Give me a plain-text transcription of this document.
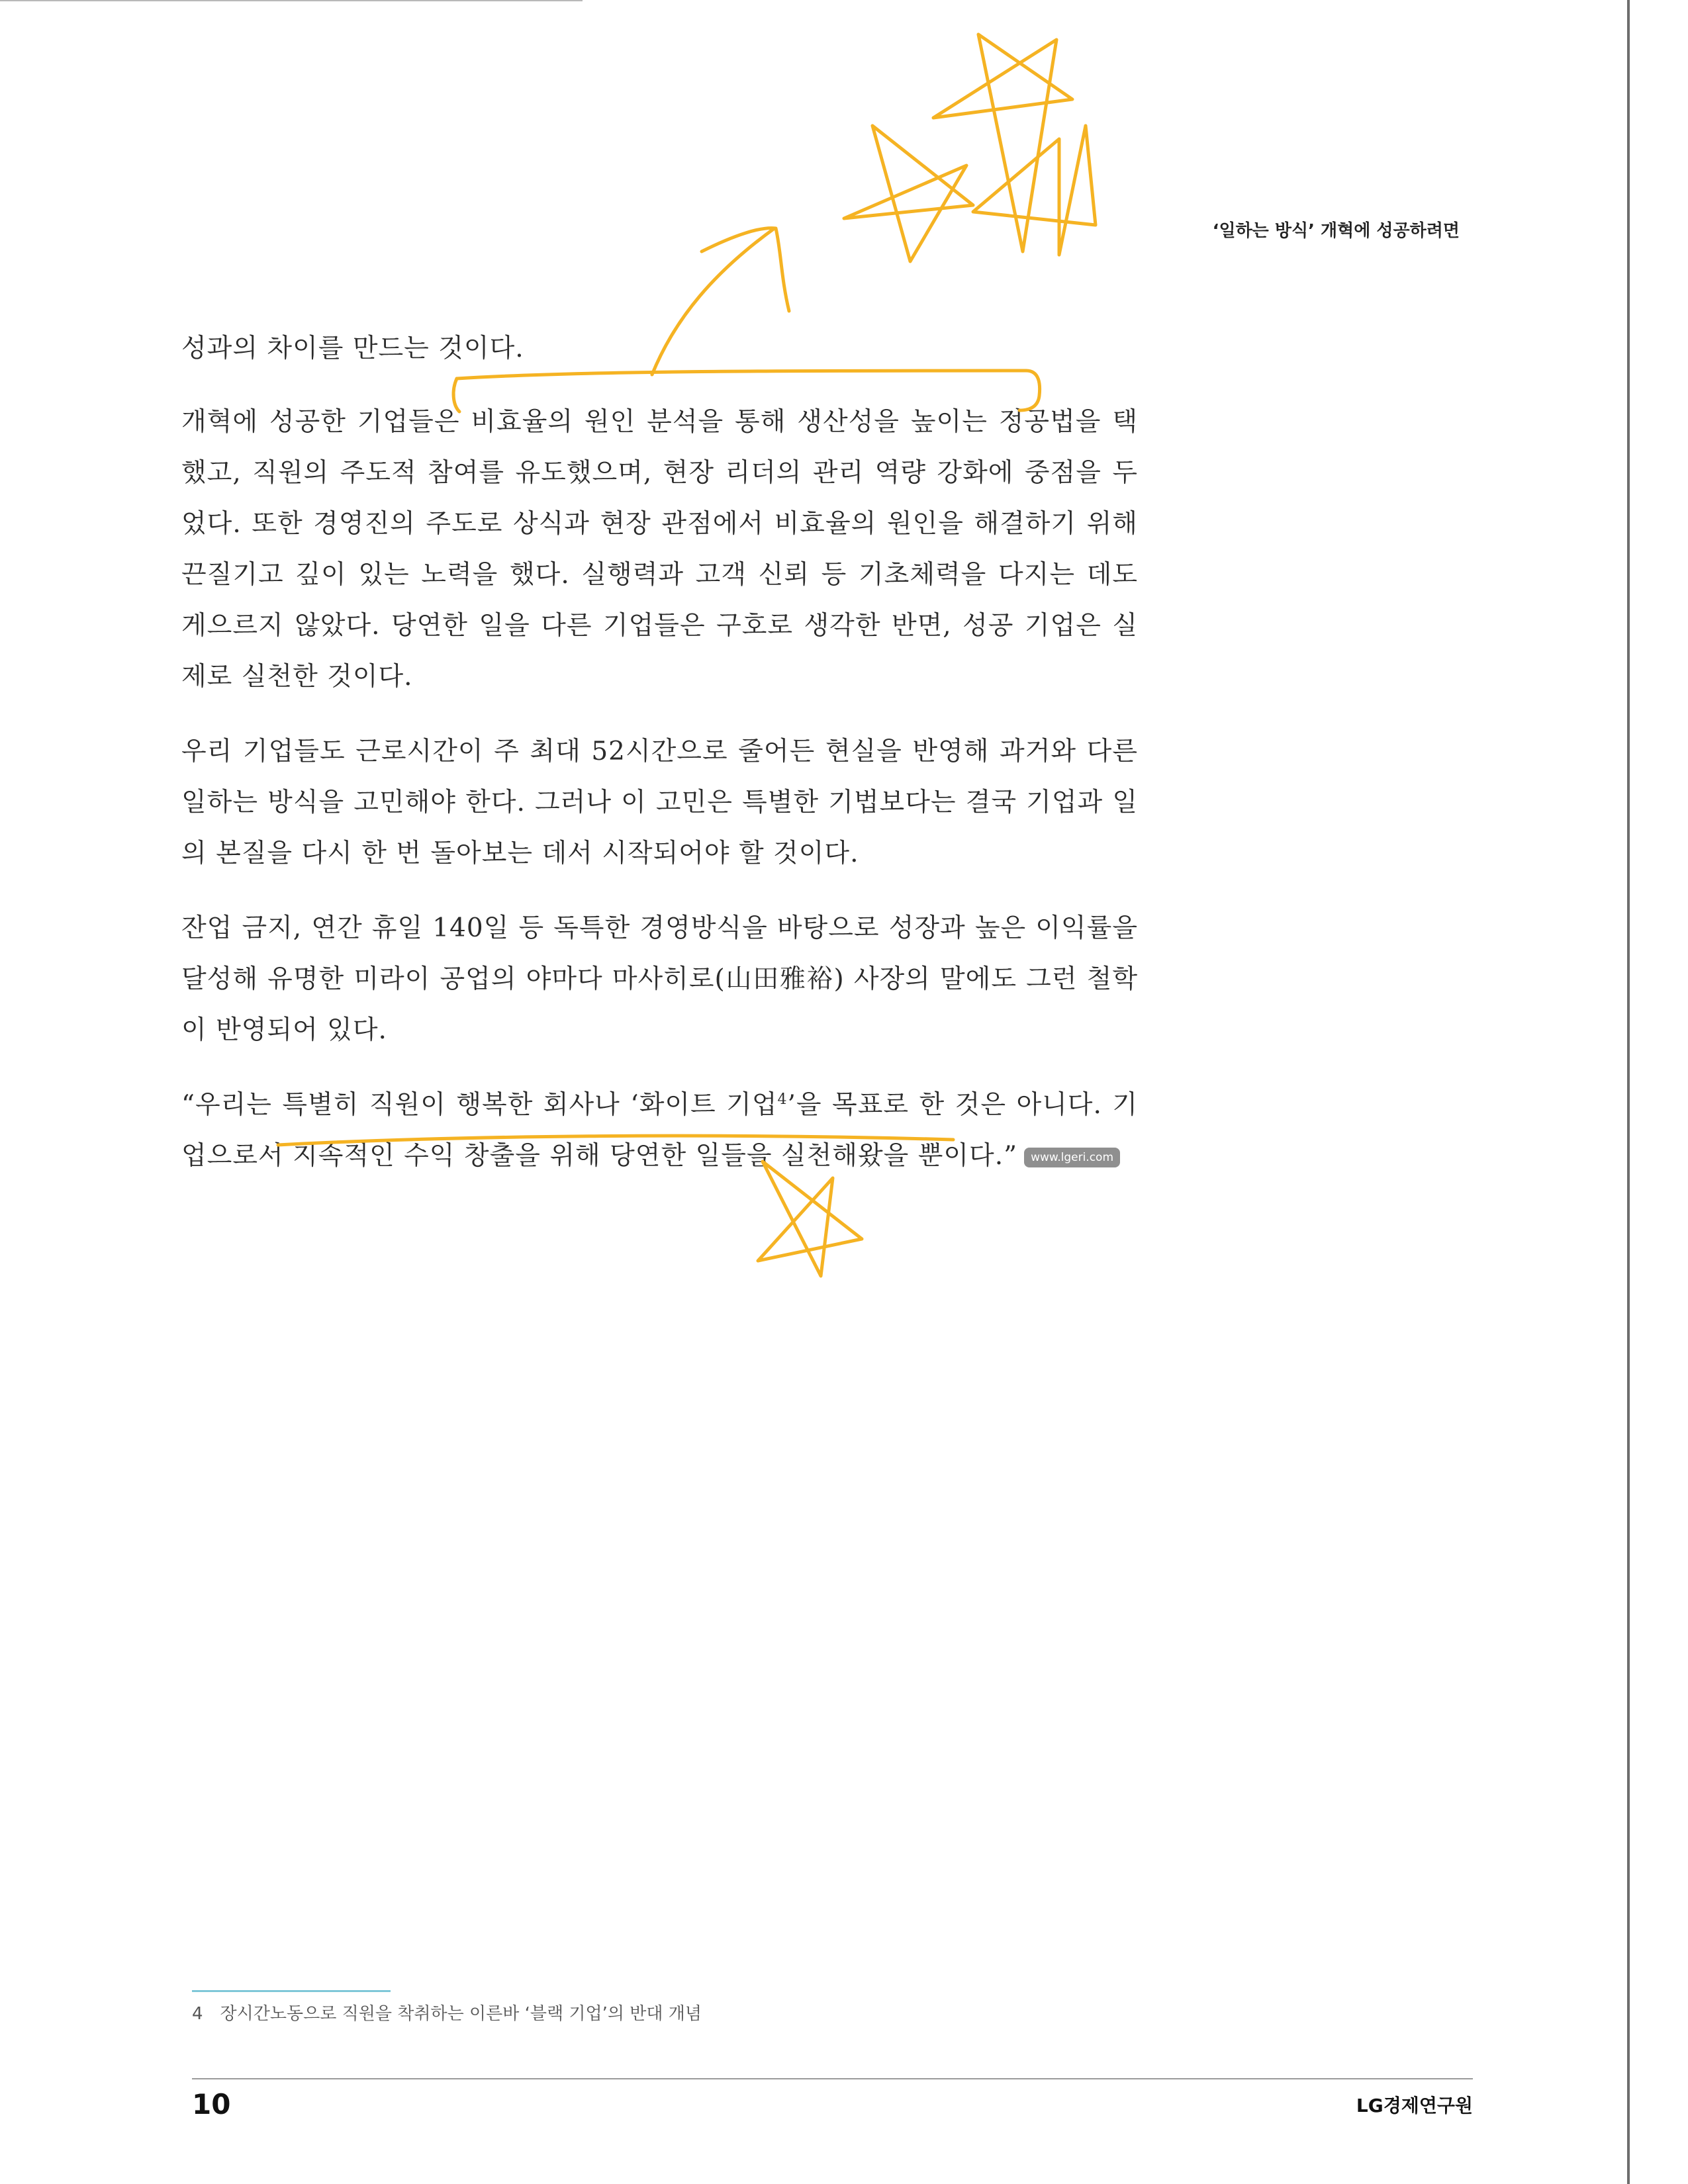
‘일하는 방식’ 개혁에 성공하려면

성과의 차이를 만드는 것이다.

개혁에 성공한 기업들은 비효율의 원인 분석을 통해 생산성을 높이는 정공법을 택했고, 직원의 주도적 참여를 유도했으며, 현장 리더의 관리 역량 강화에 중점을 두었다. 또한 경영진의 주도로 상식과 현장 관점에서 비효율의 원인을 해결하기 위해 끈질기고 깊이 있는 노력을 했다. 실행력과 고객 신뢰 등 기초체력을 다지는 데도 게으르지 않았다. 당연한 일을 다른 기업들은 구호로 생각한 반면, 성공 기업은 실제로 실천한 것이다.

우리 기업들도 근로시간이 주 최대 52시간으로 줄어든 현실을 반영해 과거와 다른 일하는 방식을 고민해야 한다. 그러나 이 고민은 특별한 기법보다는 결국 기업과 일의 본질을 다시 한 번 돌아보는 데서 시작되어야 할 것이다.

잔업 금지, 연간 휴일 140일 등 독특한 경영방식을 바탕으로 성장과 높은 이익률을 달성해 유명한 미라이 공업의 야마다 마사히로(山田雅裕) 사장의 말에도 그런 철학이 반영되어 있다.

“우리는 특별히 직원이 행복한 회사나 ‘화이트 기업$^4$’을 목표로 한 것은 아니다. 기업으로서 지속적인 수익 창출을 위해 당연한 일들을 실천해왔을 뿐이다.” www.lgeri.com

4 장시간노동으로 직원을 착취하는 이른바 ‘블랙 기업’의 반대 개념
10	LG경제연구원
